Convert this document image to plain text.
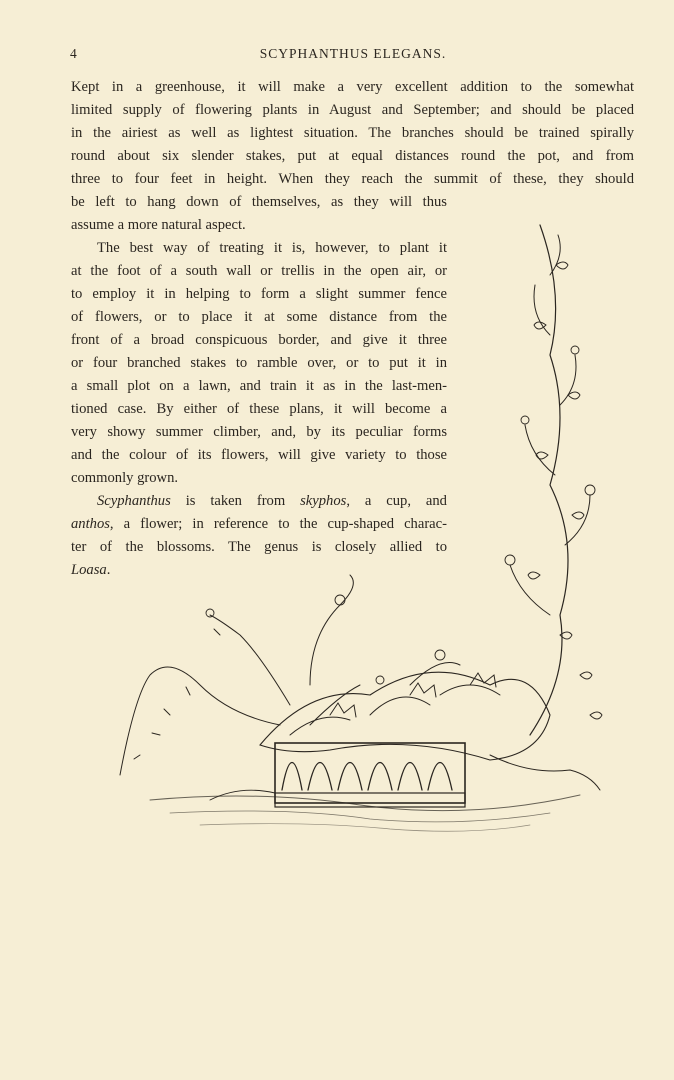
4	SCYPHANTHUS ELEGANS.

Kept in a greenhouse, it will make a very excellent addition to the somewhat
limited supply of flowering plants in August and September; and should be placed
in the airiest as well as lightest situation. The branches should be trained spirally
round about six slender stakes, put at equal distances round the pot, and from
three to four feet in height. When they reach the summit of these, they should

be left to hang down of themselves, as they will thus
assume a more natural aspect.

The best way of treating it is, however, to plant it
at the foot of a south wall or trellis in the open air, or
to employ it in helping to form a slight summer fence
of flowers, or to place it at some distance from the
front of a broad conspicuous border, and give it three
or four branched stakes to ramble over, or to put it in
a small plot on a lawn, and train it as in the last-men-
tioned case. By either of these plans, it will become a
very showy summer climber, and, by its peculiar forms
and the colour of its flowers, will give variety to those
commonly grown.

Scyphanthus is taken from skyphos, a cup, and
anthos, a flower; in reference to the cup-shaped charac-
ter of the blossoms. The genus is closely allied to
Loasa.
